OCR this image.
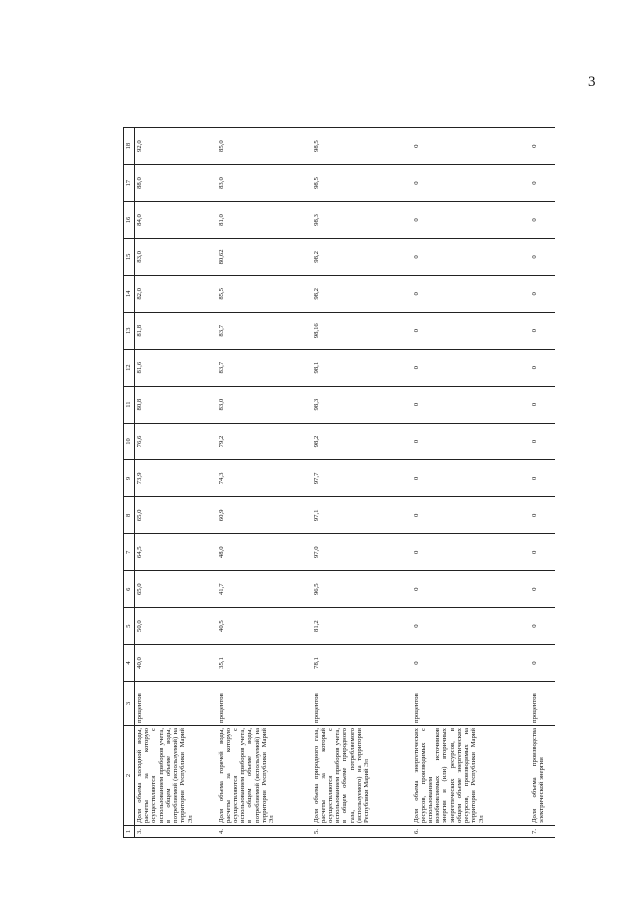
3
1	2	3	4	5	6	7	8	9	10	11	12	13	14	15	16	17	18
3.	Доля объема холодной воды, расчеты за которую осуществляются с использованием приборов учета, в общем объеме воды, потребляемой (используемой) на территории Республики Марий Эл	процентов	40,0	50,0	65,0	64,5	65,0	73,9	76,6	80,8	81,6	81,8	82,0	83,0	84,0	88,0	92,0
4.	Доля объема горячей воды, расчеты за которую осуществляются с использованием приборов учета, в общем объеме воды, потребляемой (используемой) на территории Республики Марий Эл	процентов	35,1	40,5	41,7	48,0	60,9	74,3	79,2	83,0	83,7	83,7	85,5	80,62	81,0	83,0	85,0
5.	Доля объема природного газа, расчеты за который осуществляются с использованием приборов учета, в общем объеме природного газа, потребляемого (используемого) на территории Республики Марий Эл	процентов	78,1	81,2	96,5	97,0	97,1	97,7	98,2	98,3	98,1	98,16	98,2	98,2	98,3	98,5	98,5
6.	Доля объема энергетических ресурсов, производимых с использованием возобновляемых источников энергии и (или) вторичных энергетических ресурсов, в общем объеме энергетических ресурсов, производимых на территории Республики Марий Эл	процентов	0	0	0	0	0	0	0	0	0	0	0	0	0	0	0
7.	Доля объема производства электрической энергии	процентов	0	0	0	0	0	0	0	0	0	0	0	0	0	0	0
